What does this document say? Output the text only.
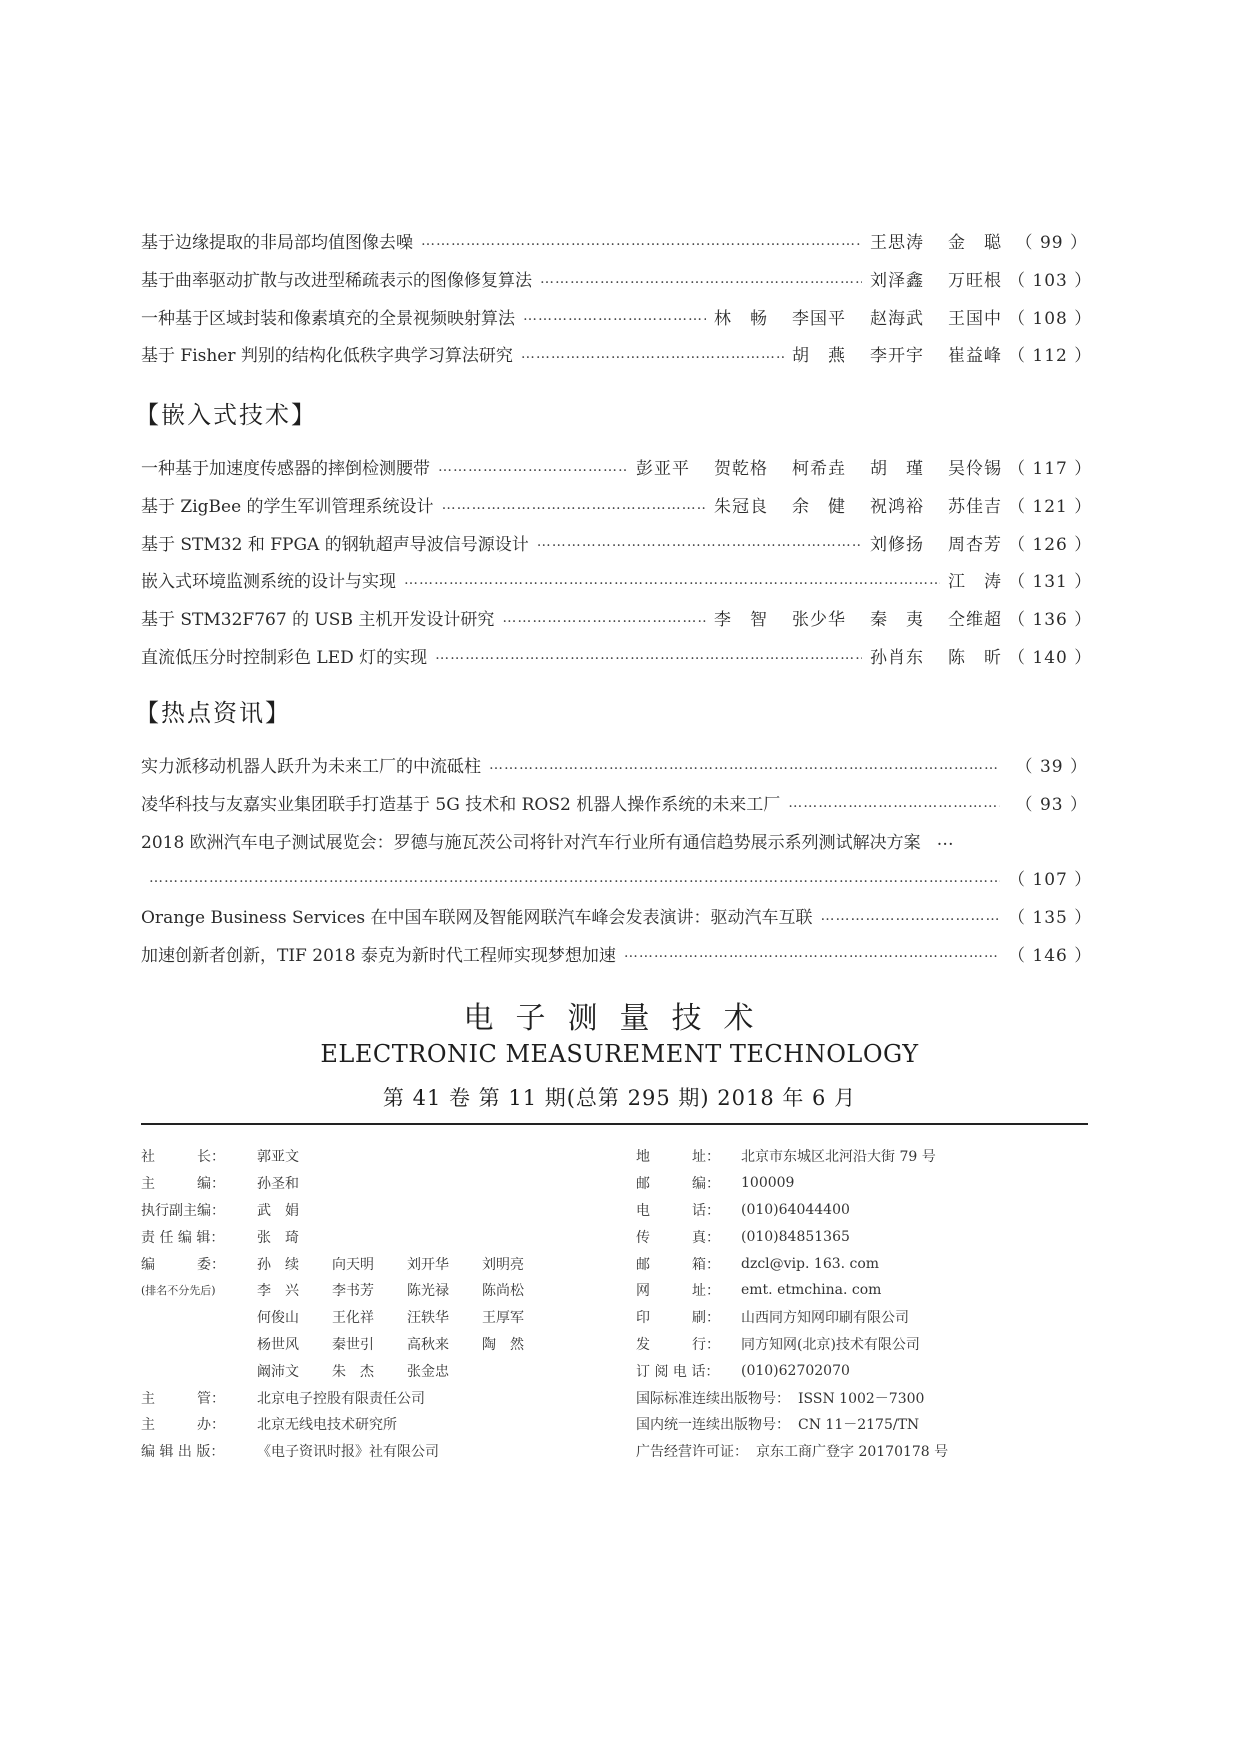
基于边缘提取的非局部均值图像去噪 ……………………………………………………………………………………………………………………………………………………………………………………	王思涛	金　聪 （ 99 ）
基于曲率驱动扩散与改进型稀疏表示的图像修复算法 ……………………………………………………………………………………………………………………………………………………………………………………	刘泽鑫	万旺根 （ 103 ）
一种基于区域封装和像素填充的全景视频映射算法 ……………………………………………………………………………………………………………………………………………………………………………………	林　畅	李国平	赵海武	王国中 （ 108 ）
基于 Fisher 判别的结构化低秩字典学习算法研究 ……………………………………………………………………………………………………………………………………………………………………………………	胡　燕	李开宇	崔益峰 （ 112 ）
【嵌入式技术】
一种基于加速度传感器的摔倒检测腰带 ……………………………………………………………………………………………………………………………………………………………………………………	彭亚平	贺乾格	柯希垚	胡　瑾	吴伶锡 （ 117 ）
基于 ZigBee 的学生军训管理系统设计 ……………………………………………………………………………………………………………………………………………………………………………………	朱冠良	余　健	祝鸿裕	苏佳吉 （ 121 ）
基于 STM32 和 FPGA 的钢轨超声导波信号源设计 ……………………………………………………………………………………………………………………………………………………………………………………	刘修扬	周杏芳 （ 126 ）
嵌入式环境监测系统的设计与实现 ……………………………………………………………………………………………………………………………………………………………………………………	江　涛 （ 131 ）
基于 STM32F767 的 USB 主机开发设计研究 ……………………………………………………………………………………………………………………………………………………………………………………	李　智	张少华	秦　夷	仝维超 （ 136 ）
直流低压分时控制彩色 LED 灯的实现 ……………………………………………………………………………………………………………………………………………………………………………………	孙肖东	陈　昕 （ 140 ）
【热点资讯】
实力派移动机器人跃升为未来工厂的中流砥柱 ……………………………………………………………………………………………………………………………………………………………………………………	（ 39 ）
凌华科技与友嘉实业集团联手打造基于 5G 技术和 ROS2 机器人操作系统的未来工厂 ……………………………………………………………………………………………………………………………………………………………………………………	（ 93 ）
2018 欧洲汽车电子测试展览会：罗德与施瓦茨公司将针对汽车行业所有通信趋势展示系列测试解决方案 …
……………………………………………………………………………………………………………………………………………………………………………………
（ 107 ）
Orange Business Services 在中国车联网及智能网联汽车峰会发表演讲：驱动汽车互联 ……………………………………………………………………………………………………………………………………………………………………………………	（ 135 ）
加速创新者创新，TIF 2018 泰克为新时代工程师实现梦想加速 ……………………………………………………………………………………………………………………………………………………………………………………	（ 146 ）
电子测量技术
ELECTRONIC MEASUREMENT TECHNOLOGY
第 41 卷 第 11 期(总第 295 期) 2018 年 6 月
社　　　长：	郭亚文
主　　　编：	孙圣和
执行副主编：	武　娟
责 任 编 辑：	张　琦
编　　　委：	孙　续	向天明	刘开华	刘明亮
(排名不分先后)	李　兴	李书芳	陈光禄	陈尚松
何俊山	王化祥	汪轶华	王厚军
杨世风	秦世引	高秋来	陶　然
阚沛文	朱　杰	张金忠
主　　　管：	北京电子控股有限责任公司
主　　　办：	北京无线电技术研究所
编 辑 出 版：	《电子资讯时报》社有限公司
地　　　址：	北京市东城区北河沿大街 79 号
邮　　　编：	100009
电　　　话：	(010)64044400
传　　　真：	(010)84851365
邮　　　箱：	dzcl@vip. 163. com
网　　　址：	emt. etmchina. com
印　　　刷：	山西同方知网印刷有限公司
发　　　行：	同方知网(北京)技术有限公司
订 阅 电 话：	(010)62702070
国际标准连续出版物号： ISSN 1002－7300
国内统一连续出版物号： CN 11－2175/TN
广告经营许可证： 京东工商广登字 20170178 号
